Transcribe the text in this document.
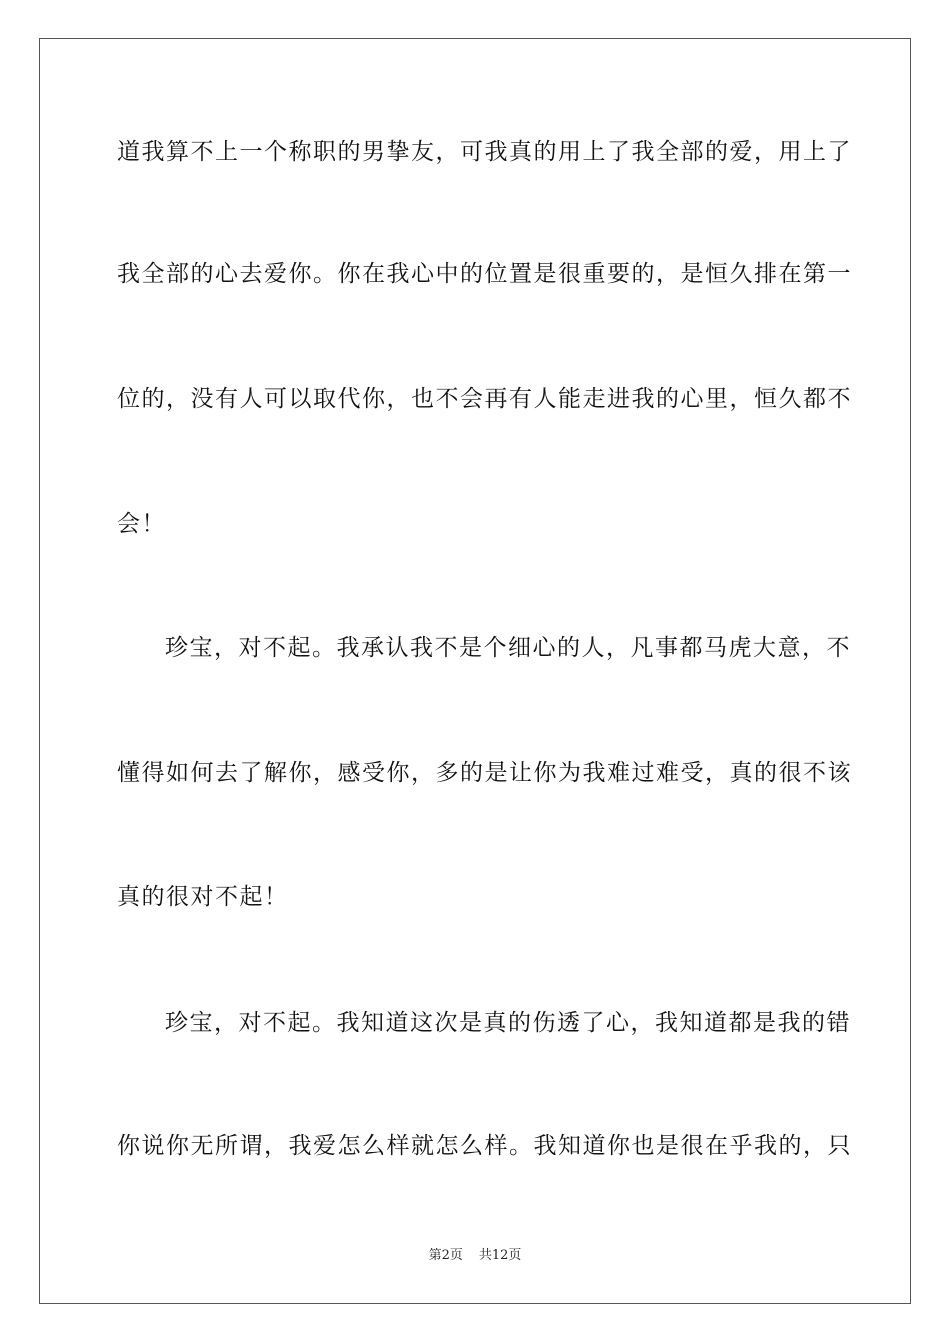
道我算不上一个称职的男挚友，可我真的用上了我全部的爱，用上了
我全部的心去爱你。你在我心中的位置是很重要的，是恒久排在第一
位的，没有人可以取代你，也不会再有人能走进我的心里，恒久都不
会！
珍宝，对不起。我承认我不是个细心的人，凡事都马虎大意，不
懂得如何去了解你，感受你，多的是让你为我难过难受，真的很不该
真的很对不起！
珍宝，对不起。我知道这次是真的伤透了心，我知道都是我的错
你说你无所谓，我爱怎么样就怎么样。我知道你也是很在乎我的，只
第2页 共12页
